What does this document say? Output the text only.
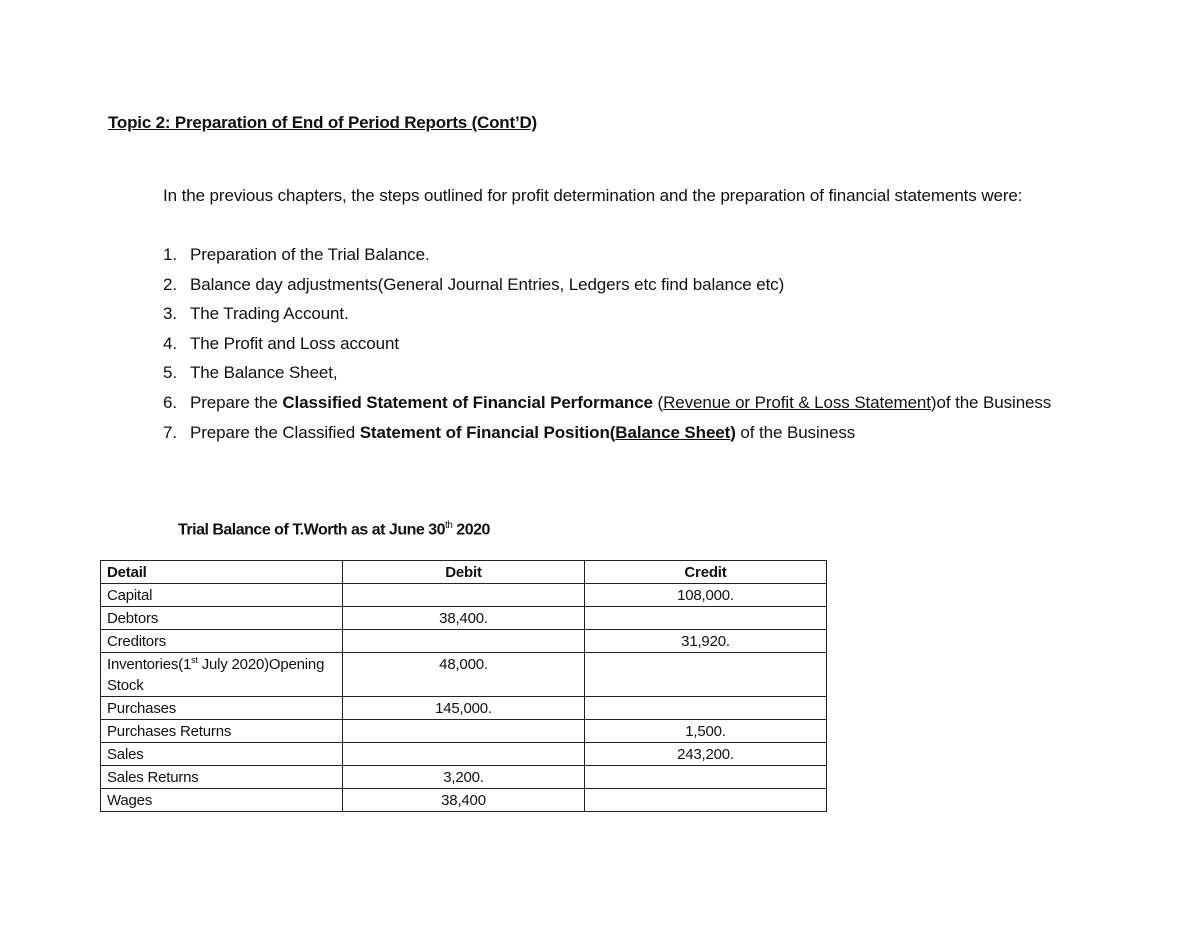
Topic 2: Preparation of End of Period Reports (Cont’D)
In the previous chapters, the steps outlined for profit determination and the preparation of financial statements were:
1. Preparation of the Trial Balance.
2. Balance day adjustments(General Journal Entries, Ledgers etc find balance etc)
3. The Trading Account.
4. The Profit and Loss account
5. The Balance Sheet,
6. Prepare the Classified Statement of Financial Performance (Revenue or Profit & Loss Statement)of the Business
7. Prepare the Classified Statement of Financial Position(Balance Sheet) of the Business
Trial Balance of T.Worth as at June 30th 2020
Detail	Debit	Credit
Capital		108,000.
Debtors	38,400.	
Creditors		31,920.
Inventories(1st July 2020)Opening Stock	48,000.	
Purchases	145,000.	
Purchases Returns		1,500.
Sales		243,200.
Sales Returns	3,200.	
Wages	38,400	
